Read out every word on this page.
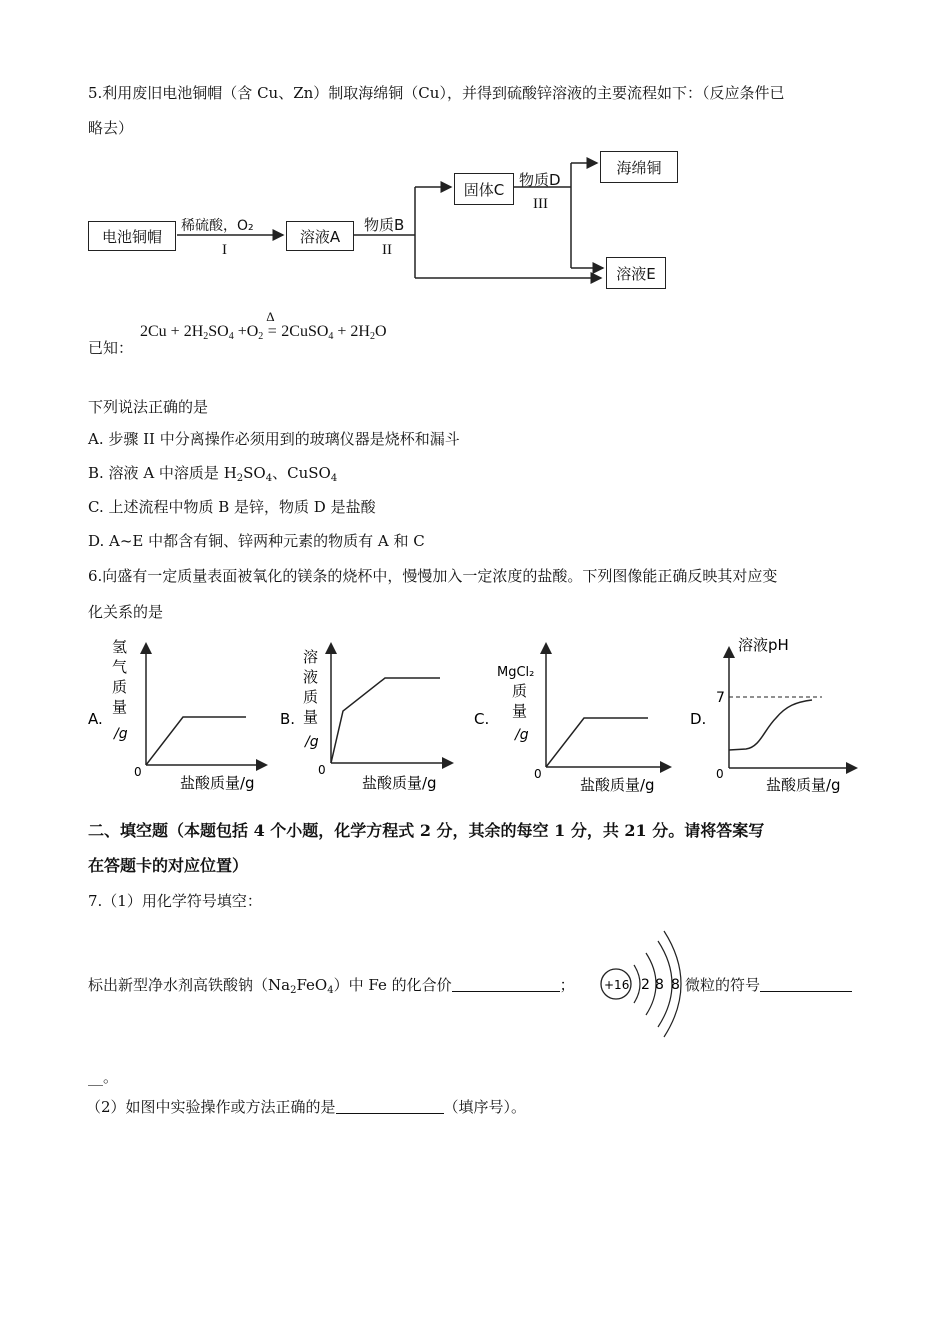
5.利用废旧电池铜帽（含 Cu、Zn）制取海绵铜（Cu），并得到硫酸锌溶液的主要流程如下：（反应条件已
略去）
电池铜帽	溶液A
固体C
海绵铜
溶液E
稀硫酸，O₂
I
物质B
II
物质D
III
已知：
$2Cu + 2H_2SO_4 +O_2$
Δ
= 2CuSO$_4$ + $2H_2O$
下列说法正确的是
A. 步骤 II 中分离操作必须用到的玻璃仪器是烧杯和漏斗
B. 溶液 A 中溶质是 $H_2SO_4$、CuSO$_4$
C. 上述流程中物质 B 是锌，物质 D 是盐酸
D. A~E 中都含有铜、锌两种元素的物质有 A 和 C
6.向盛有一定质量表面被氧化的镁条的烧杯中，慢慢加入一定浓度的盐酸。下列图像能正确反映其对应变
化关系的是
A.
氢
气
质
量
/g
0
盐酸质量/g
B.
溶
液
质
量
/g
0
盐酸质量/g
C.
MgCl₂
质
量
/g
0
盐酸质量/g
D.
溶液pH
7
0
盐酸质量/g
二、填空题（本题包括 4 个小题，化学方程式 2 分，其余的每空 1 分，共 21 分。请将答案写
在答题卡的对应位置）
7.（1）用化学符号填空：
标出新型净水剂高铁酸钠$(Na_2FeO_4)$中 Fe 的化合价	； +16 2 8 8 微粒的符号
__。
（2）如图中实验操作或方法正确的是	（填序号）。
